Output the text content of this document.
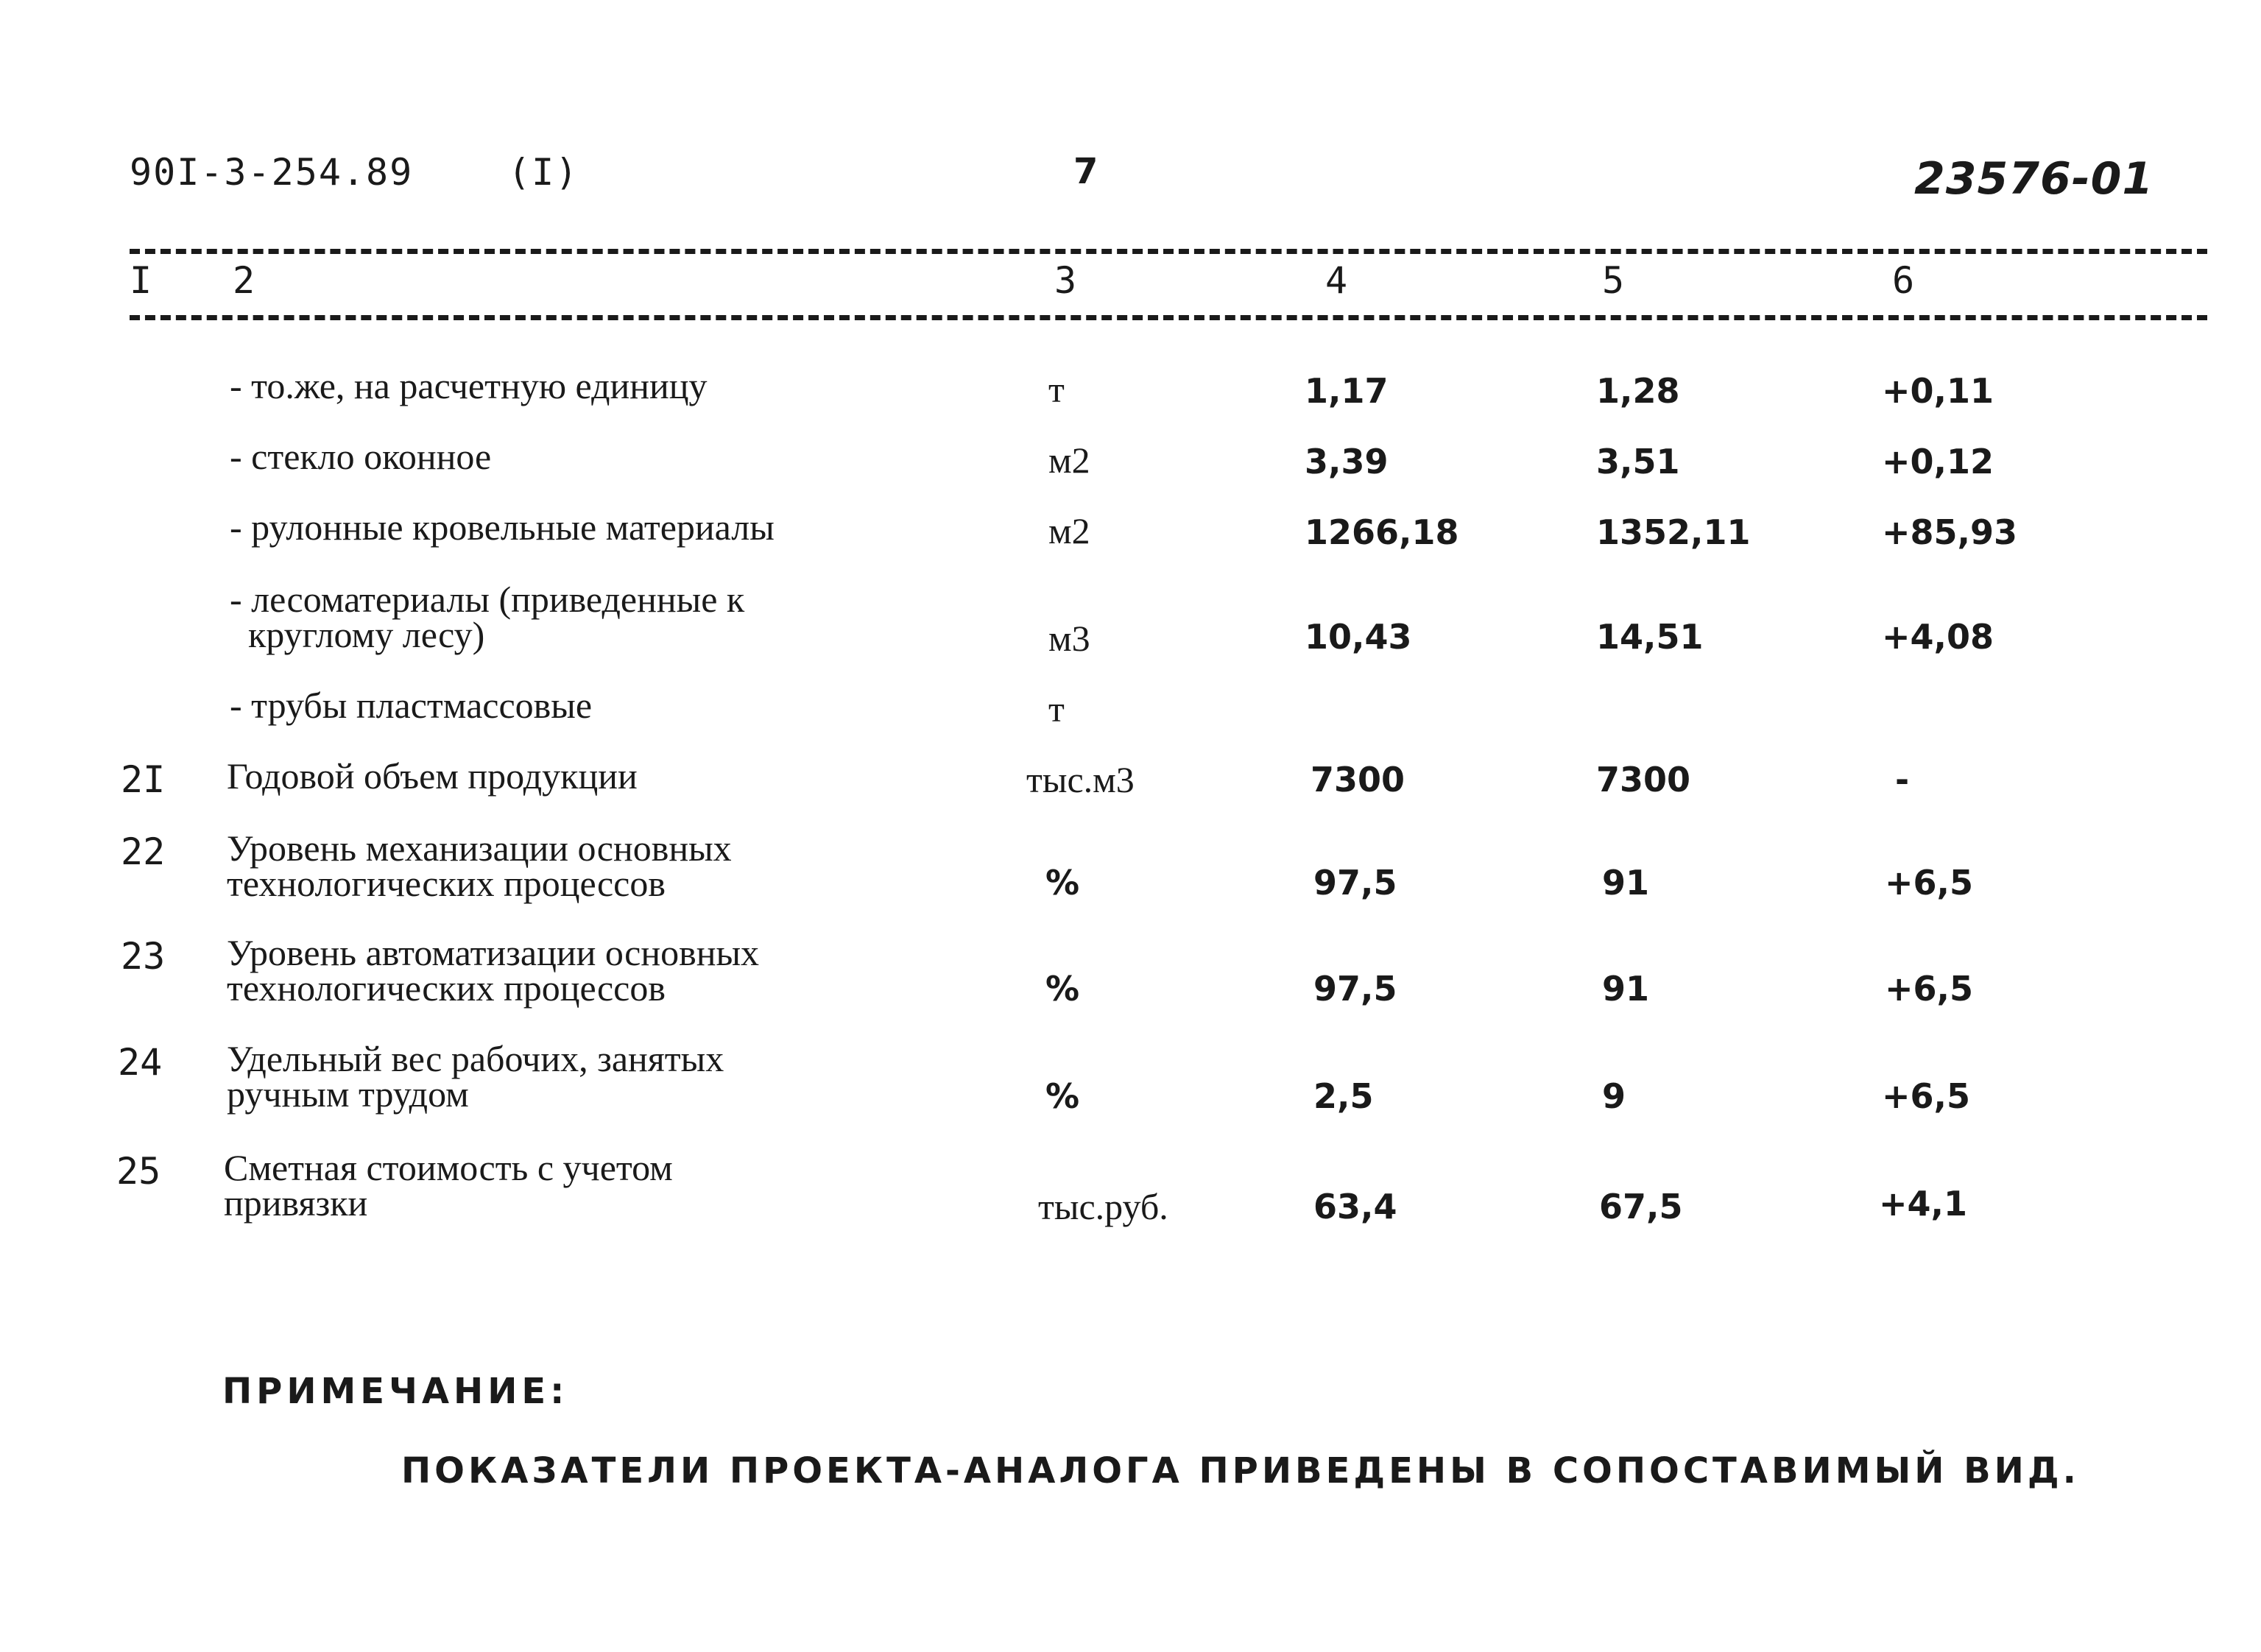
90I-3-254.89	(I)	7	23576-01
I 2	3	4	5	6
- то.же, на расчетную единицу	т	1,17	1,28	+0,11
- стекло оконное	м2	3,39	3,51	+0,12
- рулонные кровельные материалы	м2	1266,18	1352,11	+85,93
- лесоматериалы (приведенные к
круглому лесу)	м3	10,43	14,51	+4,08
- трубы пластмассовые	т
2I Годовой объем продукции	тыс.м3	7300	7300	-
22 Уровень механизации основных
технологических процессов	%	97,5	91	+6,5
23 Уровень автоматизации основных
технологических процессов	%	97,5	91	+6,5
24 Удельный вес рабочих, занятых
ручным трудом	%	2,5	9	+6,5
25 Сметная стоимость с учетом
привязки	тыс.руб.	63,4	67,5	+4,1
ПРИМЕЧАНИЕ:
ПОКАЗАТЕЛИ ПРОЕКТА-АНАЛОГА ПРИВЕДЕНЫ В СОПОСТАВИМЫЙ ВИД.
